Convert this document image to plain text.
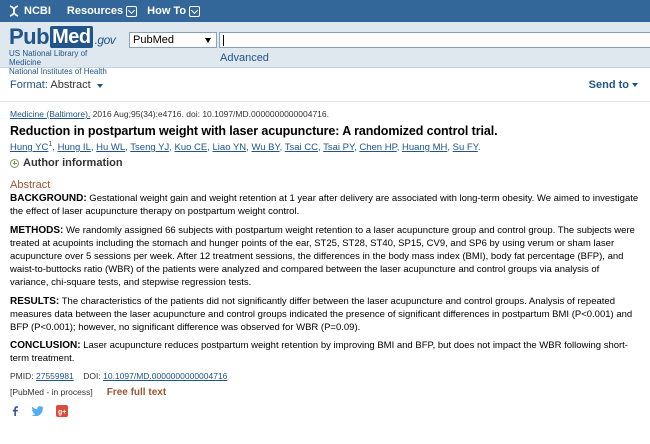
NCBI Resources How To
Pub Med .gov
US National Library of Medicine
National Institutes of Health
PubMed
Advanced
Format: Abstract	Send to
Medicine (Baltimore). 2016 Aug;95(34):e4716. doi: 10.1097/MD.0000000000004716.
Reduction in postpartum weight with laser acupuncture: A randomized control trial.
Hung $YC^1$, Hung IL, Hu WL, Tseng YJ, Kuo CE, Liao YN, Wu BY, Tsai CC, Tsai PY, Chen HP, Huang MH, Su FY.
Author information
Abstract

BACKGROUND: Gestational weight gain and weight retention at 1 year after delivery are associated with long-term obesity. We aimed to investigate the effect of laser acupuncture therapy on postpartum weight control.

METHODS: We randomly assigned 66 subjects with postpartum weight retention to a laser acupuncture group and control group. The subjects were treated at acupoints including the stomach and hunger points of the ear, ST25, ST28, ST40, SP15, CV9, and SP6 by using verum or sham laser acupuncture over 5 sessions per week. After 12 treatment sessions, the differences in the body mass index (BMI), body fat percentage (BFP), and waist-to-buttocks ratio (WBR) of the patients were analyzed and compared between the laser acupuncture and control groups via analysis of variance, chi-square tests, and stepwise regression tests.

RESULTS: The characteristics of the patients did not significantly differ between the laser acupuncture and control groups. Analysis of repeated measures data between the laser acupuncture and control groups indicated the presence of significant differences in postpartum BMI (P<0.001) and BFP (P<0.001); however, no significant difference was observed for WBR (P=0.09).

CONCLUSION: Laser acupuncture reduces postpartum weight retention by improving BMI and BFP, but does not impact the WBR following short-term treatment.

PMID: 27559981 DOI: 10.1097/MD.0000000000004716
[PubMed - in process] Free full text
g+
